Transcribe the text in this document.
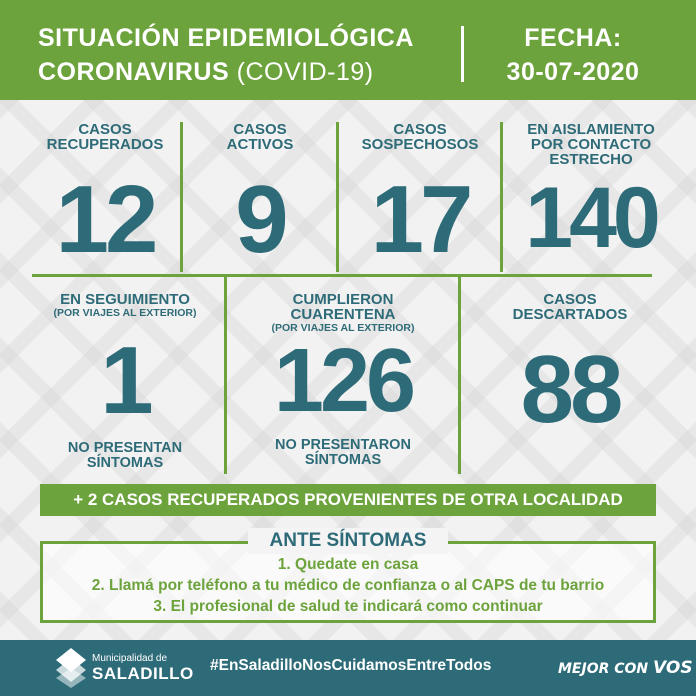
SITUACIÓN EPIDEMIOLÓGICA
CORONAVIRUS (COVID-19)
FECHA:
30-07-2020
CASOS
RECUPERADOS
12
CASOS
ACTIVOS
9
CASOS
SOSPECHOSOS
17
EN AISLAMIENTO
POR CONTACTO
ESTRECHO
140
EN SEGUIMIENTO
(POR VIAJES AL EXTERIOR)
1
NO PRESENTAN
SÍNTOMAS
CUMPLIERON
CUARENTENA
(POR VIAJES AL EXTERIOR)
126
NO PRESENTARON
SÍNTOMAS
CASOS
DESCARTADOS
88
+ 2 CASOS RECUPERADOS PROVENIENTES DE OTRA LOCALIDAD
ANTE SÍNTOMAS
1. Quedate en casa
2. Llamá por teléfono a tu médico de confianza o al CAPS de tu barrio
3. El profesional de salud te indicará como continuar
Municipalidad de
SALADILLO #EnSaladilloNosCuidamosEntreTodos	MEJOR CON VOS
